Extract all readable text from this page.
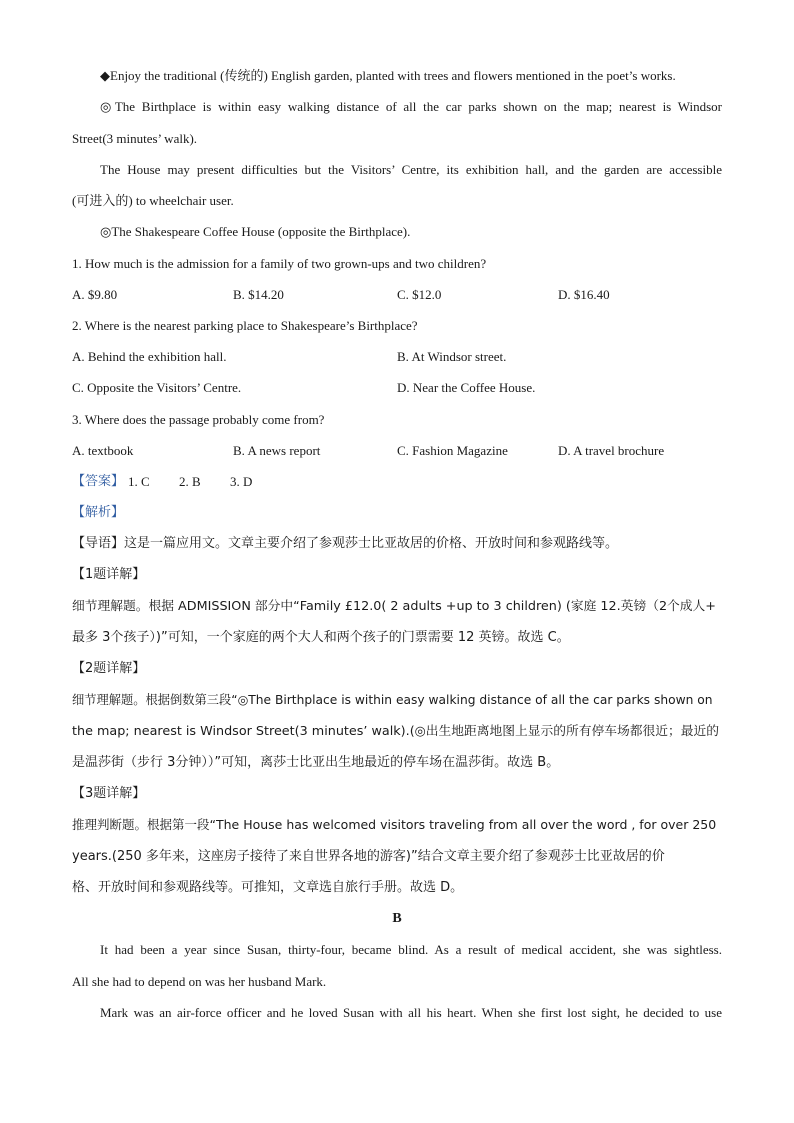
◆Enjoy the traditional (传统的) English garden, planted with trees and flowers mentioned in the poet’s works.
◎The Birthplace is within easy walking distance of all the car parks shown on the map; nearest is Windsor
Street(3 minutes’ walk).
The House may present difficulties but the Visitors’ Centre, its exhibition hall, and the garden are accessible
(可进入的) to wheelchair user.
◎The Shakespeare Coffee House (opposite the Birthplace).
1. How much is the admission for a family of two grown-ups and two children?
A. $9.80	B. $14.20	C. $12.0	D. $16.40
2. Where is the nearest parking place to Shakespeare’s Birthplace?
A. Behind the exhibition hall.	B. At Windsor street.
C. Opposite the Visitors’ Centre.	D. Near the Coffee House.
3. Where does the passage probably come from?
A. textbook	B. A news report	C. Fashion Magazine	D. A travel brochure
【答案】 1. C 2. B 3. D
【解析】
【导语】这是一篇应用文。文章主要介绍了参观莎士比亚故居的价格、开放时间和参观路线等。
【1题详解】
细节理解题。根据 ADMISSION 部分中“Family £12.0( 2 adults +up to 3 children) (家庭 12.英镑（2个成人+
最多 3个孩子）)”可知，一个家庭的两个大人和两个孩子的门票需要 12 英镑。故选 C。
【2题详解】
细节理解题。根据倒数第三段“◎The Birthplace is within easy walking distance of all the car parks shown on
the map; nearest is Windsor Street(3 minutes’ walk).(◎出生地距离地图上显示的所有停车场都很近；最近的
是温莎街（步行 3分钟））”可知，离莎士比亚出生地最近的停车场在温莎街。故选 B。
【3题详解】
推理判断题。根据第一段“The House has welcomed visitors traveling from all over the word , for over 250
years.(250 多年来，这座房子接待了来自世界各地的游客)”结合文章主要介绍了参观莎士比亚故居的价
格、开放时间和参观路线等。可推知，文章选自旅行手册。故选 D。
B
It had been a year since Susan, thirty-four, became blind. As a result of medical accident, she was sightless.
All she had to depend on was her husband Mark.
Mark was an air-force officer and he loved Susan with all his heart. When she first lost sight, he decided to use
